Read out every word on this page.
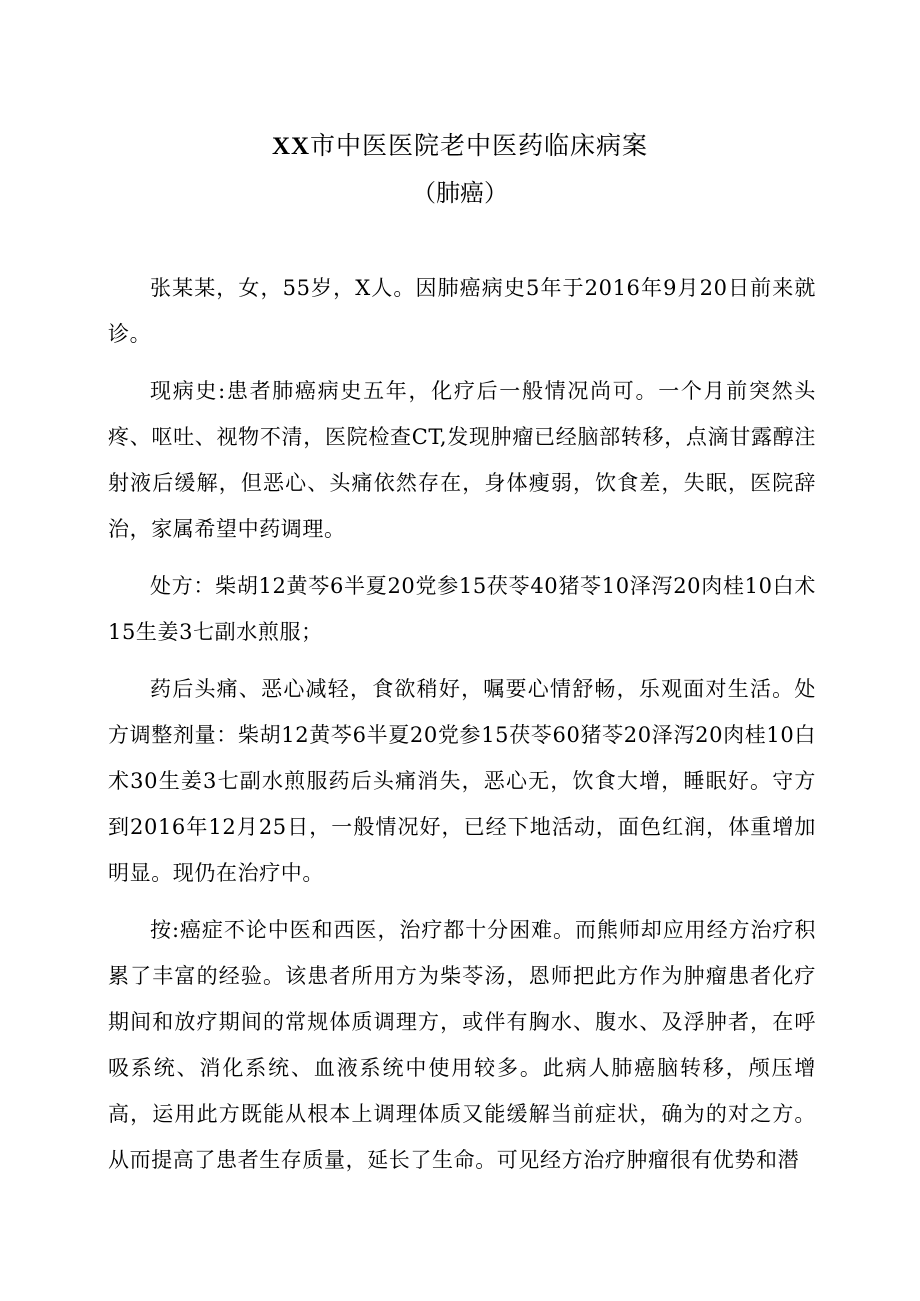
XX市中医医院老中医药临床病案

（肺癌）

张某某，女，55岁，X人。因肺癌病史5年于2016年9月20日前来就诊。

现病史:患者肺癌病史五年，化疗后一般情况尚可。一个月前突然头疼、呕吐、视物不清，医院检查CT,发现肿瘤已经脑部转移，点滴甘露醇注射液后缓解，但恶心、头痛依然存在，身体瘦弱，饮食差，失眠，医院辞治，家属希望中药调理。

处方：柴胡12黄芩6半夏20党参15茯苓40猪苓10泽泻20肉桂10白术15生姜3七副水煎服；

药后头痛、恶心减轻，食欲稍好，嘱要心情舒畅，乐观面对生活。处方调整剂量：柴胡12黄芩6半夏20党参15茯苓60猪苓20泽泻20肉桂10白术30生姜3七副水煎服药后头痛消失，恶心无，饮食大增，睡眠好。守方到2016年12月25日，一般情况好，已经下地活动，面色红润，体重增加明显。现仍在治疗中。

按:癌症不论中医和西医，治疗都十分困难。而熊师却应用经方治疗积累了丰富的经验。该患者所用方为柴苓汤，恩师把此方作为肿瘤患者化疗期间和放疗期间的常规体质调理方，或伴有胸水、腹水、及浮肿者，在呼吸系统、消化系统、血液系统中使用较多。此病人肺癌脑转移，颅压增高，运用此方既能从根本上调理体质又能缓解当前症状，确为的对之方。从而提高了患者生存质量，延长了生命。可见经方治疗肿瘤很有优势和潜
